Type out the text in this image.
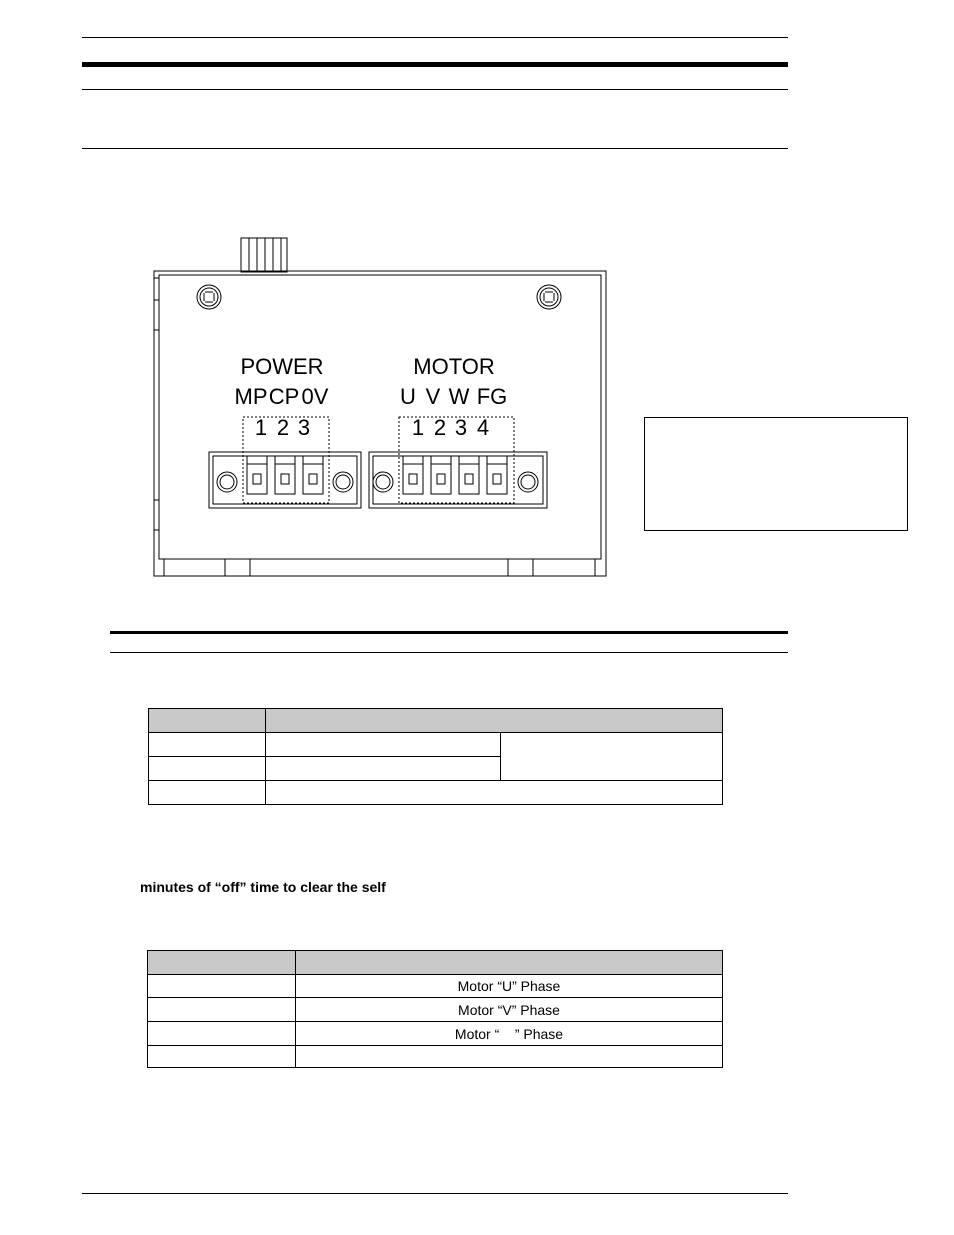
POWER
MP CP 0V
1 2 3
MOTOR
U V W FG
1 2 3 4

minutes of “off” time to clear the self

	Motor “U” Phase
	Motor “V” Phase
	Motor “    ” Phase
